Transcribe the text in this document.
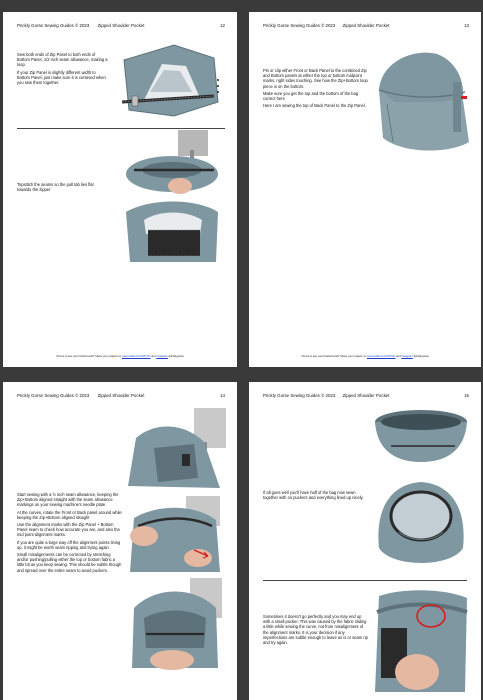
Prickly Gorse Sewing Guides © 2023	Zipped Shoulder Pocket	12

Sew both ends of Zip Panel to both ends of Bottom Panel, 1/2 inch seam allowance, making a loop.

If your Zip Panel is slightly different width to Bottom Panel, just make sure it is centered when you sew them together.

Topstitch the seams so the pull tab lies flat towards the zipper

I'd love to see your finished work! Share your projects on www.reddit.com/r/MYOG and Instagram #pricklygorse
Prickly Gorse Sewing Guides © 2023	Zipped Shoulder Pocket	13

Pin or clip either Front or Back Panel to the combined Zip and Bottom panels at either the top or bottom midpoint marks, right sides touching. See how the Zip+Bottom loop piece is on the bottom.

Make sure you get the top and the bottom of the bag correct here

Here I am sewing the top of Back Panel to the Zip Panel.

I'd love to see your finished work! Share your projects on www.reddit.com/r/MYOG and Instagram #pricklygorse
Prickly Gorse Sewing Guides © 2023	Zipped Shoulder Pocket	14

Start sewing with a ½ inch seam allowance, keeping the Zip+Bottom aligned straight with the seam allowance markings on your sewing machine's needle plate.

At the curves, rotate the Front or Back panel around while keeping the Zip+Bottom aligned straight

Use the alignment marks with the Zip Panel + Bottom Panel seam to check how accurate you are, and also the mid point alignment marks.

If you are quite a large way off the alignment points lining up, it might be worth seam ripping and trying again.

Small misalignments can be corrected by stretching and/or pushing/pulling either the top or bottom fabric a little bit as you keep sewing. This should be subtle though and spread over the entire seam to avoid puckers.

Prickly Gorse Sewing Guides © 2023	Zipped Shoulder Pocket	15

If all goes well you'll have half of the bag now sewn together with no puckers and everything lined up nicely.

Sometimes it doesn't go perfectly and you may end up with a small pucker. This was caused by the fabric sliding a little while sewing the curve, not from misalignment of the alignment marks. It is your decision if any imperfections are subtle enough to leave as is or seam rip and try again.
